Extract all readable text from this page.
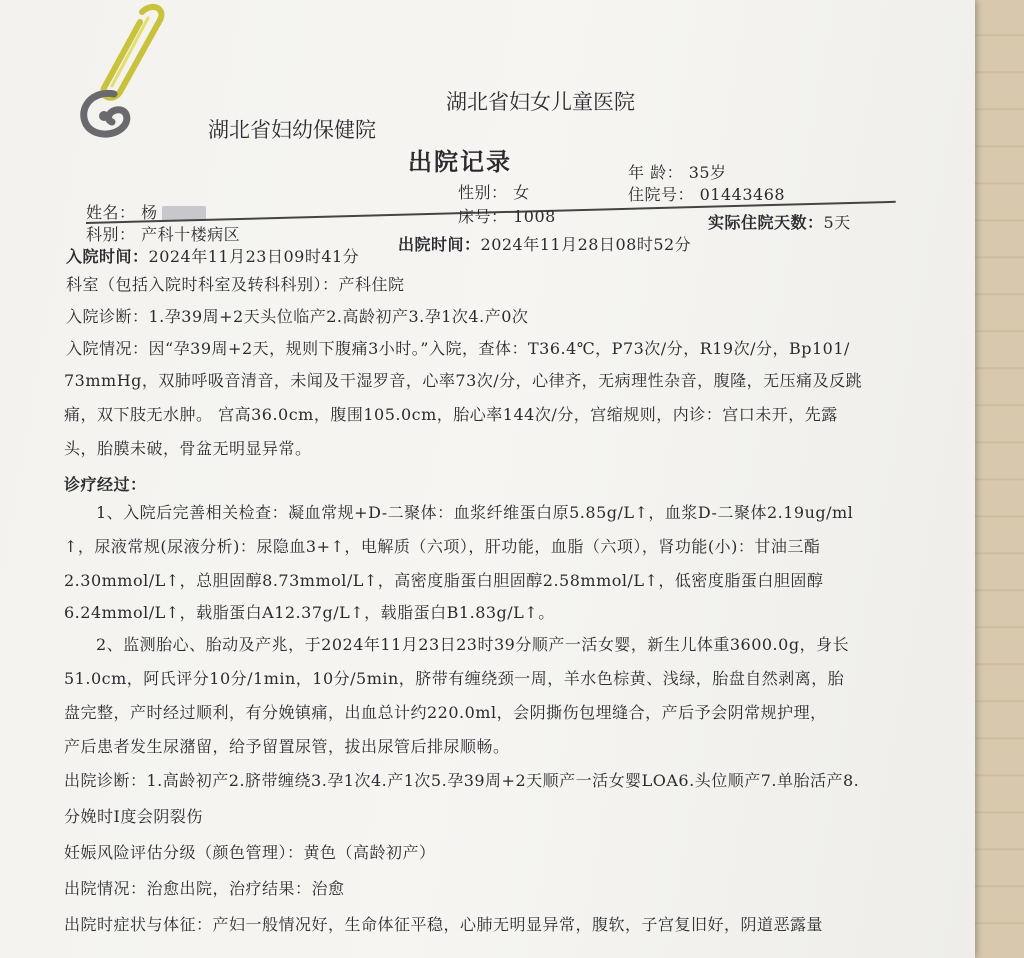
湖北省妇幼保健院
湖北省妇女儿童医院
出院记录
姓名： 杨
性别： 女
年 龄： 35岁
科别： 产科十楼病区
床号： 1008
住院号： 01443468
入院时间：2024年11月23日09时41分
出院时间：2024年11月28日08时52分
实际住院天数：5天
科室（包括入院时科室及转科科别）：产科住院
入院诊断：1.孕39周+2天头位临产2.高龄初产3.孕1次4.产0次
入院情况：因“孕39周+2天，规则下腹痛3小时。”入院，查体：T36.4℃，P73次/分，R19次/分，Bp101/
73mmHg，双肺呼吸音清音，未闻及干湿罗音，心率73次/分，心律齐，无病理性杂音，腹隆，无压痛及反跳
痛，双下肢无水肿。 宫高36.0cm，腹围105.0cm，胎心率144次/分，宫缩规则，内诊：宫口未开，先露
头，胎膜未破，骨盆无明显异常。
诊疗经过：
1、入院后完善相关检查：凝血常规+D-二聚体：血浆纤维蛋白原5.85g/L↑，血浆D-二聚体2.19ug/ml
↑，尿液常规(尿液分析)：尿隐血3+↑，电解质（六项），肝功能，血脂（六项），肾功能(小)：甘油三酯
2.30mmol/L↑，总胆固醇8.73mmol/L↑，高密度脂蛋白胆固醇2.58mmol/L↑，低密度脂蛋白胆固醇
6.24mmol/L↑，载脂蛋白A12.37g/L↑，载脂蛋白B1.83g/L↑。
2、监测胎心、胎动及产兆，于2024年11月23日23时39分顺产一活女婴，新生儿体重3600.0g，身长
51.0cm，阿氏评分10分/1min，10分/5min，脐带有缠绕颈一周，羊水色棕黄、浅绿，胎盘自然剥离，胎
盘完整，产时经过顺利，有分娩镇痛，出血总计约220.0ml，会阴撕伤包埋缝合，产后予会阴常规护理，
产后患者发生尿潴留，给予留置尿管，拔出尿管后排尿顺畅。
出院诊断：1.高龄初产2.脐带缠绕3.孕1次4.产1次5.孕39周+2天顺产一活女婴LOA6.头位顺产7.单胎活产8.
分娩时Ⅰ度会阴裂伤
妊娠风险评估分级（颜色管理）：黄色（高龄初产）
出院情况：治愈出院，治疗结果：治愈
出院时症状与体征：产妇一般情况好，生命体征平稳，心肺无明显异常，腹软，子宫复旧好，阴道恶露量
